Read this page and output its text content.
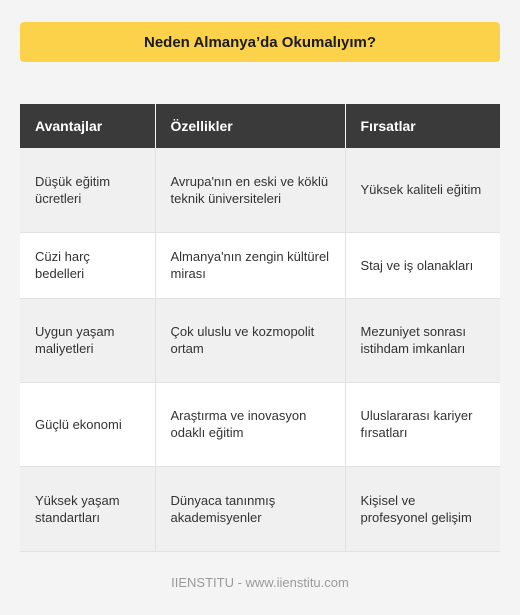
Neden Almanya’da Okumalıyım?
Avantajlar	Özellikler	Fırsatlar
Düşük eğitim ücretleri	Avrupa'nın en eski ve köklü teknik üniversiteleri	Yüksek kaliteli eğitim
Cüzi harç bedelleri	Almanya'nın zengin kültürel mirası	Staj ve iş olanakları
Uygun yaşam maliyetleri	Çok uluslu ve kozmopolit ortam	Mezuniyet sonrası istihdam imkanları
Güçlü ekonomi	Araştırma ve inovasyon odaklı eğitim	Uluslararası kariyer fırsatları
Yüksek yaşam standartları	Dünyaca tanınmış akademisyenler	Kişisel ve profesyonel gelişim
IIENSTITU - www.iienstitu.com
